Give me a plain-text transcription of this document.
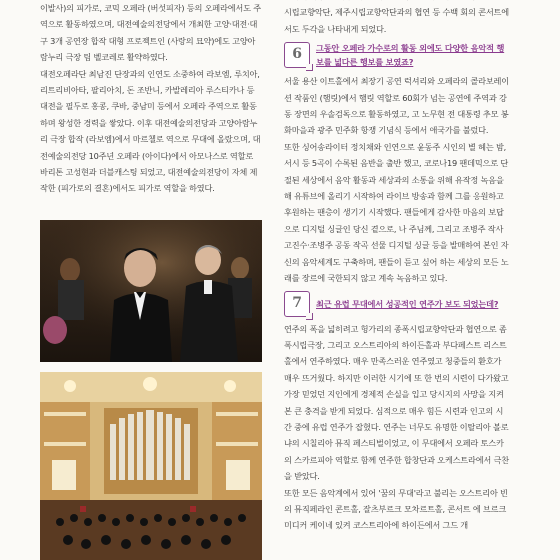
이발사)의 피가로, 코믹 오페라 (버섯피자) 등의 오페라에서도 주역으로 활동하였으며, 대전예술의전당에서 개최한 고양·대전·대구 3개 공연장 합작 대형 프로젝트인 (사랑의 묘약)에도 고양아람누리 극장 팀 벨코레로 활약하였다.

대전오페라단 최남진 단장과의 인연도 소중하여 라보엠, 루치아, 리트리비아타, 팔리아치, 돈 조반니, 카발레리아 루스티카나 등 대전을 필두로 홍콩, 쿠바, 중남미 등에서 오페라 주역으로 활동하며 왕성한 경력을 쌓았다. 이후 대전예술의전당과 고양아람누리 극장 합작 (라보엠)에서 마르첼로 역으로 무대에 올랐으며, 대전예술의전당 10주년 오페라 (아이다)에서 아모나스로 역할로 바리톤 고성현과 더블캐스팅 되었고, 대전예술의전당이 자체 제작한 (피가로의 결혼)에서도 피가로 역할을 하였다.

시립교향악단, 제주시립교향악단과의 협연 등 수백 회의 콘서트에서도 두각을 나타내게 되었다.

6	그동안 오페라 가수로의 활동 외에도 다양한 음악적 행보를 넓다른 행보를 보였죠?

서울 용산 이트홀에서 최장기 공연 럭셔리와 오페라의 콜라보레이션 작품인 (햄릿)에서 햄릿 역할로 60회가 넘는 공연에 주역과 강동 장면의 우솔검독으로 활동하였고, 고 노무현 전 대통령 추모 봉화마을과 광주 민주화 항쟁 기념식 등에서 애국가를 불렀다.

또한 싱어송라이터 정치채와 인연으로 윤동주 시인의 별 헤는 밤, 서시 등 5곡이 수록된 음반을 출반 했고, 코로나19 팬데믹으로 단절된 세상에서 음악 활동과 세상과의 소통을 위해 유작정 녹음을 해 유튜브에 올리기 시작하여 라이브 방송과 함께 그를 응원하고 후원하는 팬층이 생기기 시작했다. 팬들에게 감사한 마음의 보답으로 디지털 싱글인 당신 곁으로, 나 주님께, 그리고 조병주 작사 고진수·조병주 공동 작곡 선물 디지털 싱글 등을 발매하여 본인 자신의 음악세계도 구축하며, 팬들이 듣고 싶어 하는 세상의 모든 노래를 장르에 국한되지 않고 계속 녹음하고 있다.

7	최근 유럽 무대에서 성공적인 연주가 보도 되었는데?

연주의 폭을 넓히려고 헝가리의 종폭시립교향악단과 협연으로 좀폭시립극장, 그리고 오스트리아의 하이든홀과 부다페스트 리스트 홀에서 연주하였다. 매우 만족스러운 연주였고 청중들의 환호가 매우 뜨거웠다. 하지만 이러한 시기에 또 한 번의 시련이 다가왔고 가장 믿었던 지인에게 경제적 손실을 입고 당시지의 사망을 지켜본 큰 충격을 받게 되었다. 심적으로 매우 힘든 시련과 인고의 시간 중에 유럽 연주가 잡혔다. 연주는 너무도 유명한 이탈리아 볼로냐의 시칠리아 뮤직 페스티벌이었고, 이 무대에서 오페라 토스카의 스카르피아 역할로 함께 연주한 합창단과 오케스트라에서 극찬을 받았다.

또한 모든 음악계에서 있어 '꿈의 무대'라고 불리는 오스트리아 빈의 뮤직페라인 콘트홀, 잘츠부르크 모차르트홀, 콘서트 에 브르크 미디커 케이네 있켜 코스트리아에 하이든에서 그드 개
